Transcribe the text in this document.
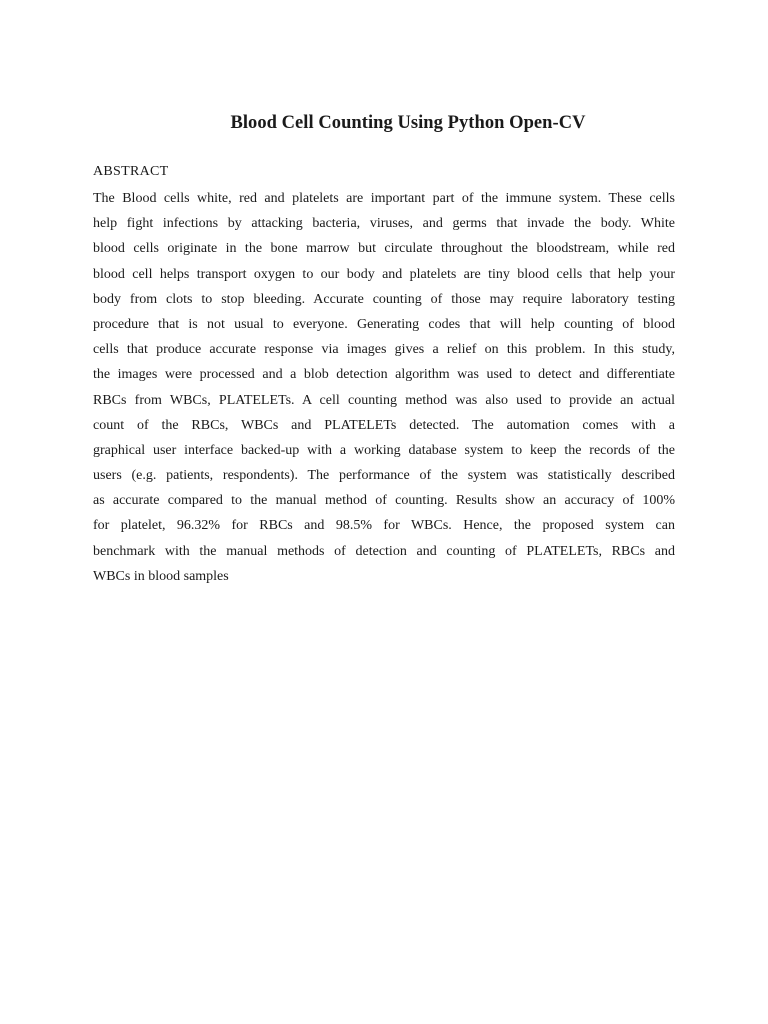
Blood Cell Counting Using Python Open-CV
ABSTRACT
The Blood cells white, red and platelets are important part of the immune system. These cells
help fight infections by attacking bacteria, viruses, and germs that invade the body. White
blood cells originate in the bone marrow but circulate throughout the bloodstream, while red
blood cell helps transport oxygen to our body and platelets are tiny blood cells that help your
body from clots to stop bleeding. Accurate counting of those may require laboratory testing
procedure that is not usual to everyone. Generating codes that will help counting of blood
cells that produce accurate response via images gives a relief on this problem. In this study,
the images were processed and a blob detection algorithm was used to detect and differentiate
RBCs from WBCs, PLATELETs. A cell counting method was also used to provide an actual
count of the RBCs, WBCs and PLATELETs detected. The automation comes with a
graphical user interface backed-up with a working database system to keep the records of the
users (e.g. patients, respondents). The performance of the system was statistically described
as accurate compared to the manual method of counting. Results show an accuracy of 100%
for platelet, 96.32% for RBCs and 98.5% for WBCs. Hence, the proposed system can
benchmark with the manual methods of detection and counting of PLATELETs, RBCs and
WBCs in blood samples
